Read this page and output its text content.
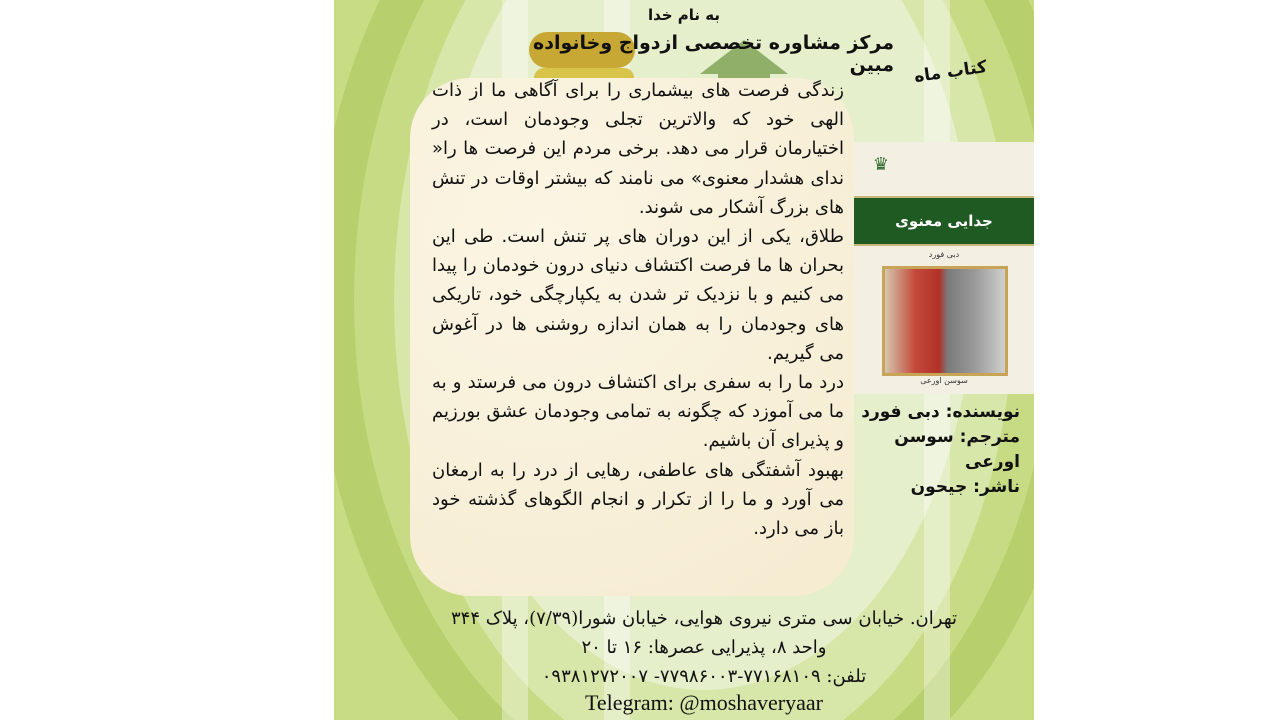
به نام خدا
مرکز مشاوره تخصصی ازدواج وخانواده مبین کتاب ماه

زندگی فرصت های بیشماری را برای آگاهی ما از ذات الهی خود که والاترین تجلی وجودمان است، در اختیارمان قرار می دهد. برخی مردم این فرصت ها را« ندای هشدار معنوی» می نامند که بیشتر اوقات در تنش های بزرگ آشکار می شوند.

طلاق، یکی از این دوران های پر تنش است. طی این بحران ها ما فرصت اکتشاف دنیای درون خودمان را پیدا می کنیم و با نزدیک تر شدن به یکپارچگی خود، تاریکی های وجودمان را به همان اندازه روشنی ها در آغوش می گیریم.

درد ما را به سفری برای اکتشاف درون می فرستد و به ما می آموزد که چگونه به تمامی وجودمان عشق بورزیم و پذیرای آن باشیم.

بهبود آشفتگی های عاطفی، رهایی از درد را به ارمغان می آورد و ما را از تکرار و انجام الگوهای گذشته خود باز می دارد.

♛
جدایی معنوی
دبی فورد
سوسن اورعی

نویسنده: دبی فورد

مترجم: سوسن اورعی

ناشر: جیحون

تهران. خیابان سی متری نیروی هوایی، خیابان شورا(۷/۳۹)، پلاک ۳۴۴

واحد ۸، پذیرایی عصرها: ۱۶ تا ۲۰

تلفن: ۷۷۱۶۸۱۰۹-۷۷۹۸۶۰۰۳- ۰۹۳۸۱۲۷۲۰۰۷

Telegram: @moshaveryaar
